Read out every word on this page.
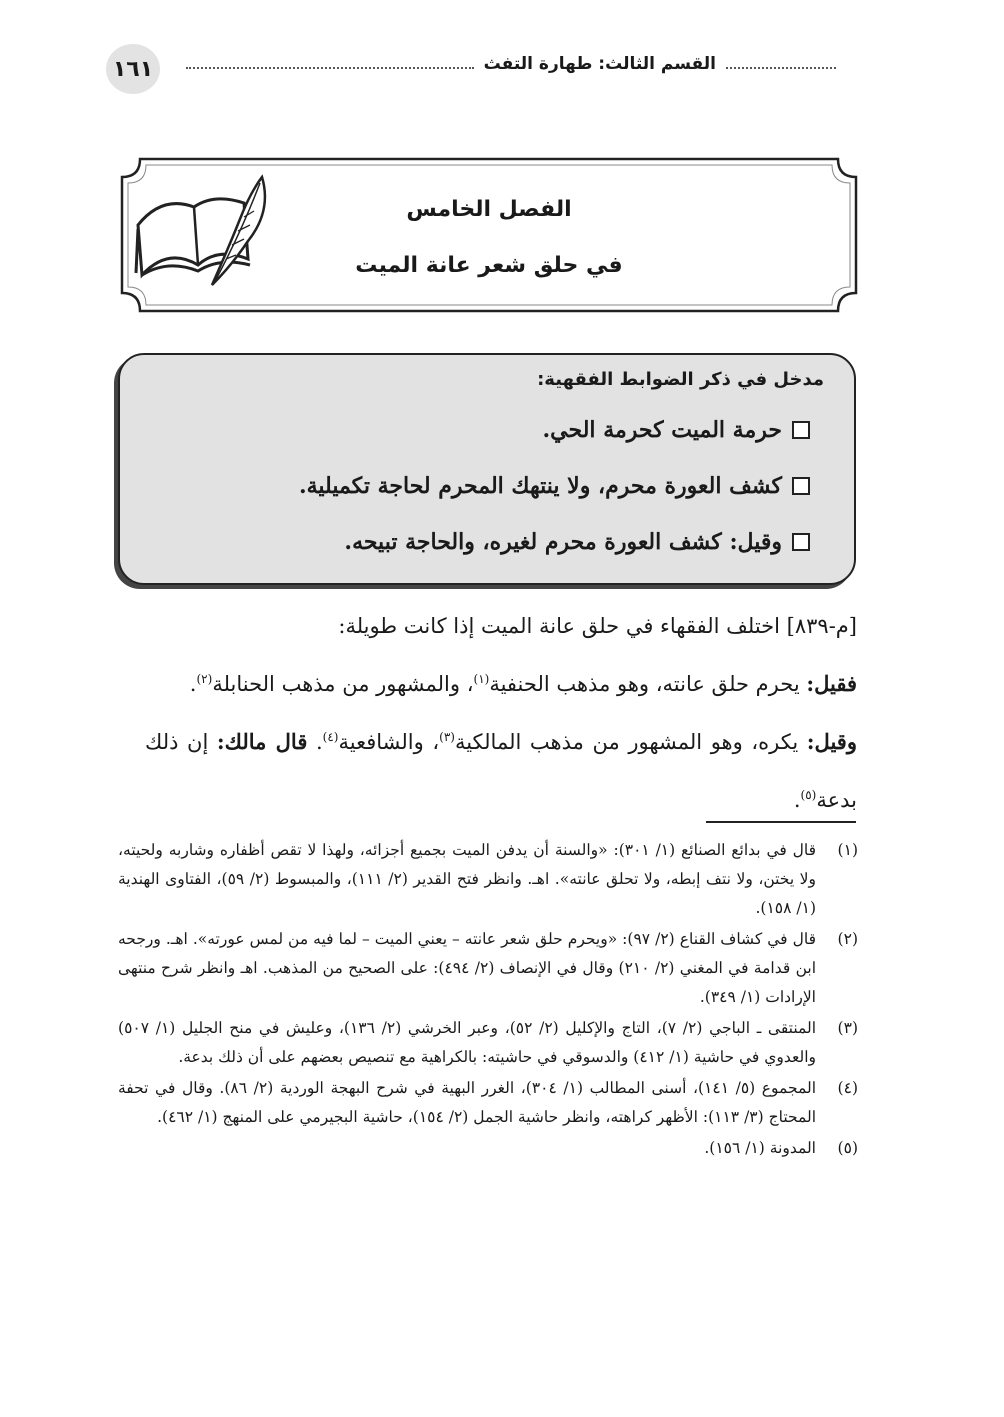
١٦١	القسم الثالث: طهارة التفث
الفصل الخامس
في حلق شعر عانة الميت
مدخل في ذكر الضوابط الفقهية:
حرمة الميت كحرمة الحي.
كشف العورة محرم، ولا ينتهك المحرم لحاجة تكميلية.
وقيل: كشف العورة محرم لغيره، والحاجة تبيحه.

[م-٨٣٩] اختلف الفقهاء في حلق عانة الميت إذا كانت طويلة:

فقيل: يحرم حلق عانته، وهو مذهب الحنفية$^{(١)}$، والمشهور من مذهب الحنابلة$^{(٢)}$.

وقيل: يكره، وهو المشهور من مذهب المالكية$^{(٣)}$، والشافعية$^{(٤)}$. قال مالك: إن ذلك بدعة$^{(٥)}$.

(١)
قال في بدائع الصنائع (١/ ٣٠١): «والسنة أن يدفن الميت بجميع أجزائه، ولهذا لا تقص أظفاره وشاربه ولحيته، ولا يختن، ولا نتف إبطه، ولا تحلق عانته». اهـ. وانظر فتح القدير (٢/ ١١١)، والمبسوط (٢/ ٥٩)، الفتاوى الهندية (١/ ١٥٨).
(٢)
قال في كشاف القناع (٢/ ٩٧): «ويحرم حلق شعر عانته – يعني الميت – لما فيه من لمس عورته». اهـ. ورجحه ابن قدامة في المغني (٢/ ٢١٠) وقال في الإنصاف (٢/ ٤٩٤): على الصحيح من المذهب. اهـ وانظر شرح منتهى الإرادات (١/ ٣٤٩).
(٣)
المنتقى ـ الباجي (٢/ ٧)، التاج والإكليل (٢/ ٥٢)، وعبر الخرشي (٢/ ١٣٦)، وعليش في منح الجليل (١/ ٥٠٧) والعدوي في حاشية (١/ ٤١٢) والدسوقي في حاشيته: بالكراهية مع تنصيص بعضهم على أن ذلك بدعة.
(٤)
المجموع (٥/ ١٤١)، أسنى المطالب (١/ ٣٠٤)، الغرر البهية في شرح البهجة الوردية (٢/ ٨٦). وقال في تحفة المحتاج (٣/ ١١٣): الأظهر كراهته، وانظر حاشية الجمل (٢/ ١٥٤)، حاشية البجيرمي على المنهج (١/ ٤٦٢).
(٥)
المدونة (١/ ١٥٦).
